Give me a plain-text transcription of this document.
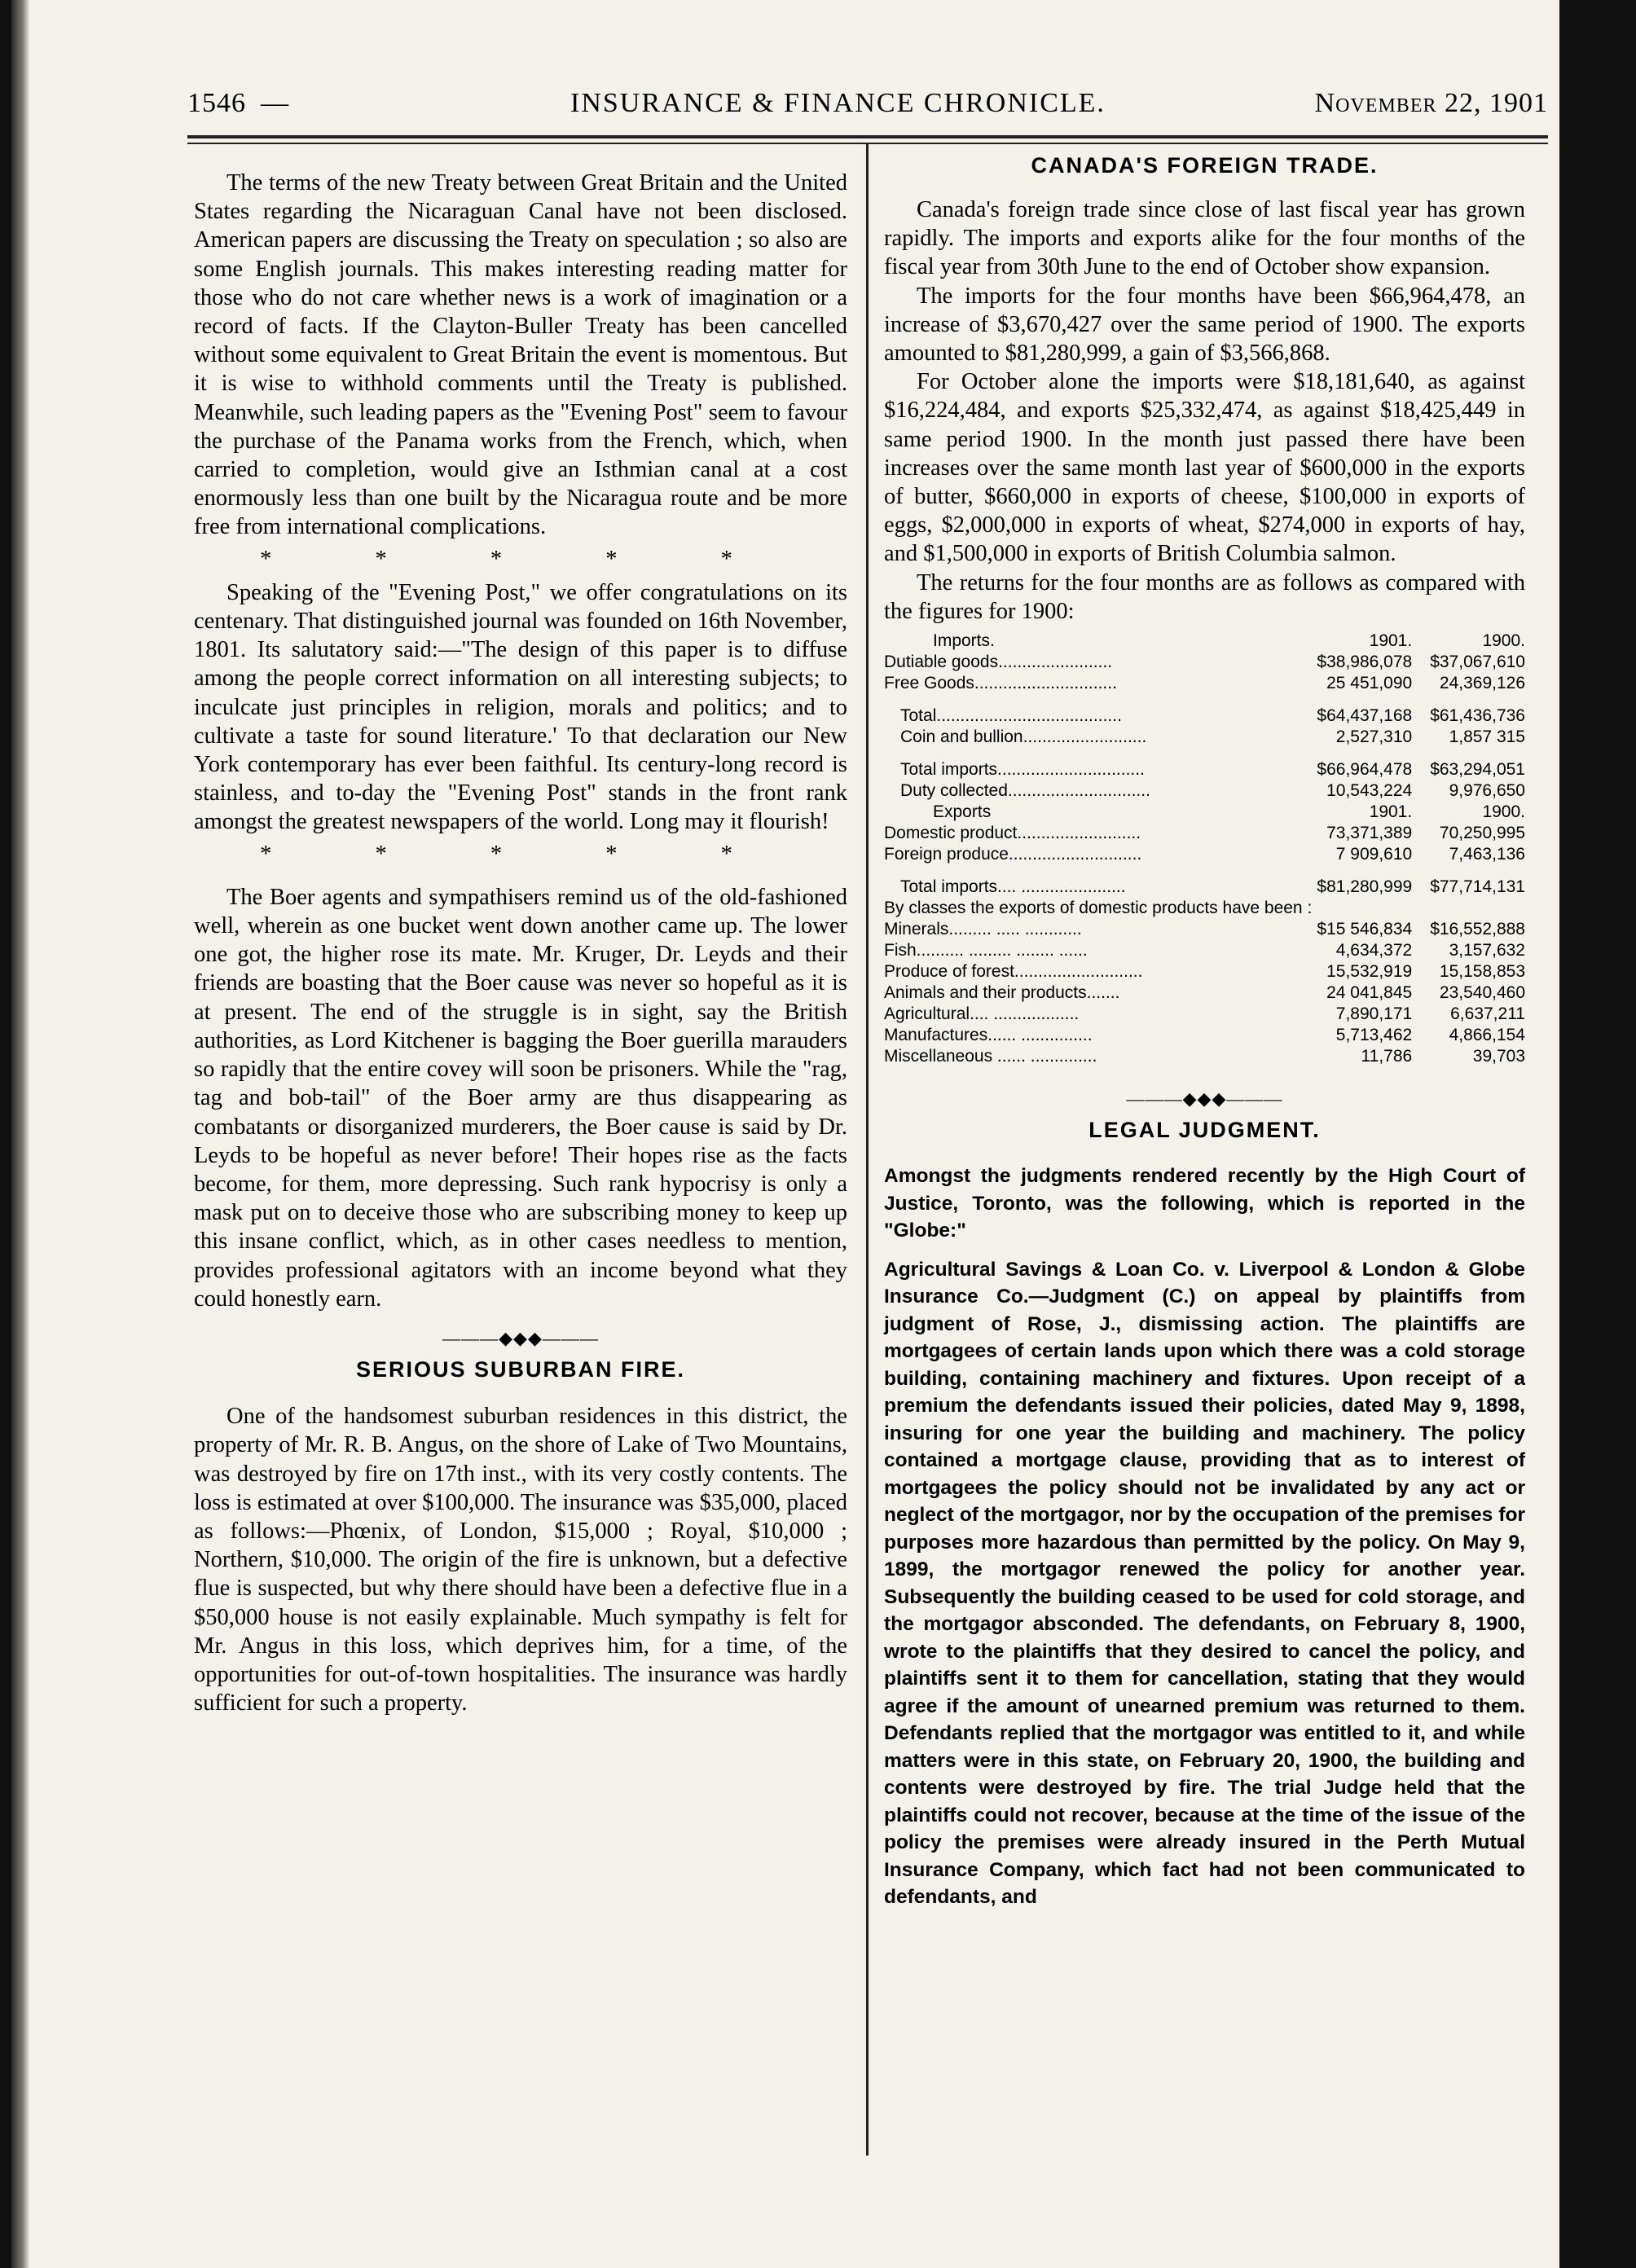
1546 —	INSURANCE & FINANCE CHRONICLE.	November 22, 1901

The terms of the new Treaty between Great Britain and the United States regarding the Nicaraguan Canal have not been disclosed. American papers are discussing the Treaty on speculation ; so also are some English journals. This makes interesting reading matter for those who do not care whether news is a work of imagination or a record of facts. If the Clayton-Buller Treaty has been cancelled without some equivalent to Great Britain the event is momentous. But it is wise to withhold comments until the Treaty is published. Meanwhile, such leading papers as the "Evening Post" seem to favour the purchase of the Panama works from the French, which, when carried to completion, would give an Isthmian canal at a cost enormously less than one built by the Nicaragua route and be more free from international complications.

* * * * *

Speaking of the "Evening Post," we offer congratulations on its centenary. That distinguished journal was founded on 16th November, 1801. Its salutatory said:—"The design of this paper is to diffuse among the people correct information on all interesting subjects; to inculcate just principles in religion, morals and politics; and to cultivate a taste for sound literature.' To that declaration our New York contemporary has ever been faithful. Its century-long record is stainless, and to-day the "Evening Post" stands in the front rank amongst the greatest newspapers of the world. Long may it flourish!

* * * * *

The Boer agents and sympathisers remind us of the old-fashioned well, wherein as one bucket went down another came up. The lower one got, the higher rose its mate. Mr. Kruger, Dr. Leyds and their friends are boasting that the Boer cause was never so hopeful as it is at present. The end of the struggle is in sight, say the British authorities, as Lord Kitchener is bagging the Boer guerilla marauders so rapidly that the entire covey will soon be prisoners. While the "rag, tag and bob-tail" of the Boer army are thus disappearing as combatants or disorganized murderers, the Boer cause is said by Dr. Leyds to be hopeful as never before! Their hopes rise as the facts become, for them, more depressing. Such rank hypocrisy is only a mask put on to deceive those who are subscribing money to keep up this insane conflict, which, as in other cases needless to mention, provides professional agitators with an income beyond what they could honestly earn.

———◆◆◆———
SERIOUS SUBURBAN FIRE.

One of the handsomest suburban residences in this district, the property of Mr. R. B. Angus, on the shore of Lake of Two Mountains, was destroyed by fire on 17th inst., with its very costly contents. The loss is estimated at over $100,000. The insurance was $35,000, placed as follows:—Phœnix, of London, $15,000 ; Royal, $10,000 ; Northern, $10,000. The origin of the fire is unknown, but a defective flue is suspected, but why there should have been a defective flue in a $50,000 house is not easily explainable. Much sympathy is felt for Mr. Angus in this loss, which deprives him, for a time, of the opportunities for out-of-town hospitalities. The insurance was hardly sufficient for such a property.

CANADA'S FOREIGN TRADE.

Canada's foreign trade since close of last fiscal year has grown rapidly. The imports and exports alike for the four months of the fiscal year from 30th June to the end of October show expansion.

The imports for the four months have been $66,964,478, an increase of $3,670,427 over the same period of 1900. The exports amounted to $81,280,999, a gain of $3,566,868.

For October alone the imports were $18,181,640, as against $16,224,484, and exports $25,332,474, as against $18,425,449 in same period 1900. In the month just passed there have been increases over the same month last year of $600,000 in the exports of butter, $660,000 in exports of cheese, $100,000 in exports of eggs, $2,000,000 in exports of wheat, $274,000 in exports of hay, and $1,500,000 in exports of British Columbia salmon.

The returns for the four months are as follows as compared with the figures for 1900:

Imports.	1901.	1900.
Dutiable goods........................	$38,986,078	$37,067,610
Free Goods..............................	25 451,090	24,369,126

Total.......................................	$64,437,168	$61,436,736
Coin and bullion..........................	2,527,310	1,857 315

Total imports...............................	$66,964,478	$63,294,051
Duty collected..............................	10,543,224	9,976,650
Exports	1901.	1900.
Domestic product..........................	73,371,389	70,250,995
Foreign produce............................	7 909,610	7,463,136

Total imports.... ......................	$81,280,999	$77,714,131
By classes the exports of domestic products have been :		
Minerals......... ..... ............	$15 546,834	$16,552,888
Fish.......... ......... ........ ......	4,634,372	3,157,632
Produce of forest...........................	15,532,919	15,158,853
Animals and their products.......	24 041,845	23,540,460
Agricultural.... ..................	7,890,171	6,637,211
Manufactures...... ...............	5,713,462	4,866,154
Miscellaneous ...... ..............	11,786	39,703
———◆◆◆———
LEGAL JUDGMENT.

Amongst the judgments rendered recently by the High Court of Justice, Toronto, was the following, which is reported in the "Globe:"

Agricultural Savings & Loan Co. v. Liverpool & London & Globe Insurance Co.—Judgment (C.) on appeal by plaintiffs from judgment of Rose, J., dismissing action. The plaintiffs are mortgagees of certain lands upon which there was a cold storage building, containing machinery and fixtures. Upon receipt of a premium the defendants issued their policies, dated May 9, 1898, insuring for one year the building and machinery. The policy contained a mortgage clause, providing that as to interest of mortgagees the policy should not be invalidated by any act or neglect of the mortgagor, nor by the occupation of the premises for purposes more hazardous than permitted by the policy. On May 9, 1899, the mortgagor renewed the policy for another year. Subsequently the building ceased to be used for cold storage, and the mortgagor absconded. The defendants, on February 8, 1900, wrote to the plaintiffs that they desired to cancel the policy, and plaintiffs sent it to them for cancellation, stating that they would agree if the amount of unearned premium was returned to them. Defendants replied that the mortgagor was entitled to it, and while matters were in this state, on February 20, 1900, the building and contents were destroyed by fire. The trial Judge held that the plaintiffs could not recover, because at the time of the issue of the policy the premises were already insured in the Perth Mutual Insurance Company, which fact had not been communicated to defendants, and
